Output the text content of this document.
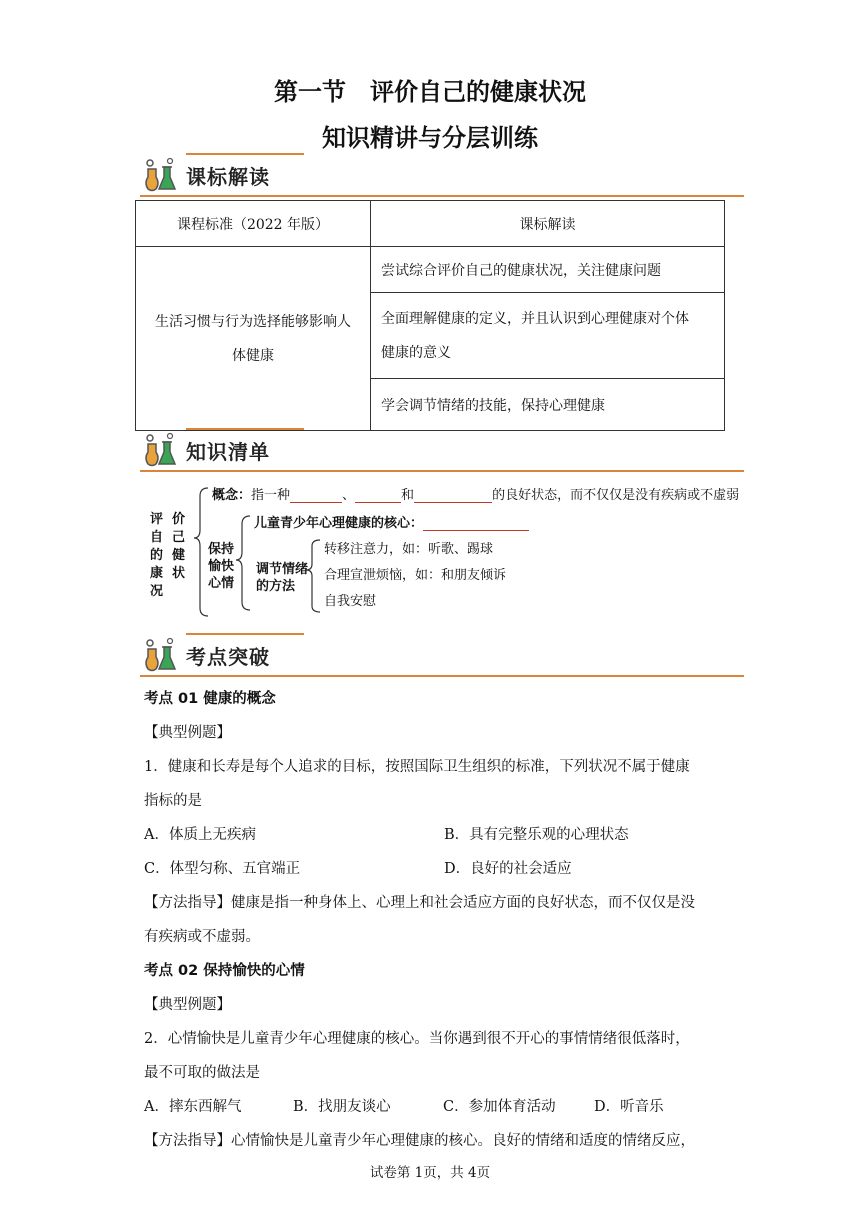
第一节　评价自己的健康状况
知识精讲与分层训练
课标解读
课程标准（2022 年版）	课标解读
生活习惯与行为选择能够影响人
体健康	尝试综合评价自己的健康状况，关注健康问题
	全面理解健康的定义，并且认识到心理健康对个体
健康的意义
	学会调节情绪的技能，保持心理健康
知识清单
评 价
自 己
的 健
康 状
况
概念：指一种	、	和	的良好状态，而不仅仅是没有疾病或不虚弱
保持
愉快
心情
儿童青少年心理健康的核心：
调节情绪
的方法
转移注意力，如：听歌、踢球
合理宣泄烦恼，如：和朋友倾诉
自我安慰
考点突破
考点 01 健康的概念
【典型例题】
1．健康和长寿是每个人追求的目标，按照国际卫生组织的标准，下列状况不属于健康
指标的是
A．体质上无疾病	B．具有完整乐观的心理状态
C．体型匀称、五官端正	D．良好的社会适应
【方法指导】健康是指一种身体上、心理上和社会适应方面的良好状态，而不仅仅是没
有疾病或不虚弱。
考点 02 保持愉快的心情
【典型例题】
2．心情愉快是儿童青少年心理健康的核心。当你遇到很不开心的事情情绪很低落时，
最不可取的做法是
A．摔东西解气	B．找朋友谈心	C．参加体育活动	D．听音乐
【方法指导】心情愉快是儿童青少年心理健康的核心。良好的情绪和适度的情绪反应，
试卷第 1页，共 4页
